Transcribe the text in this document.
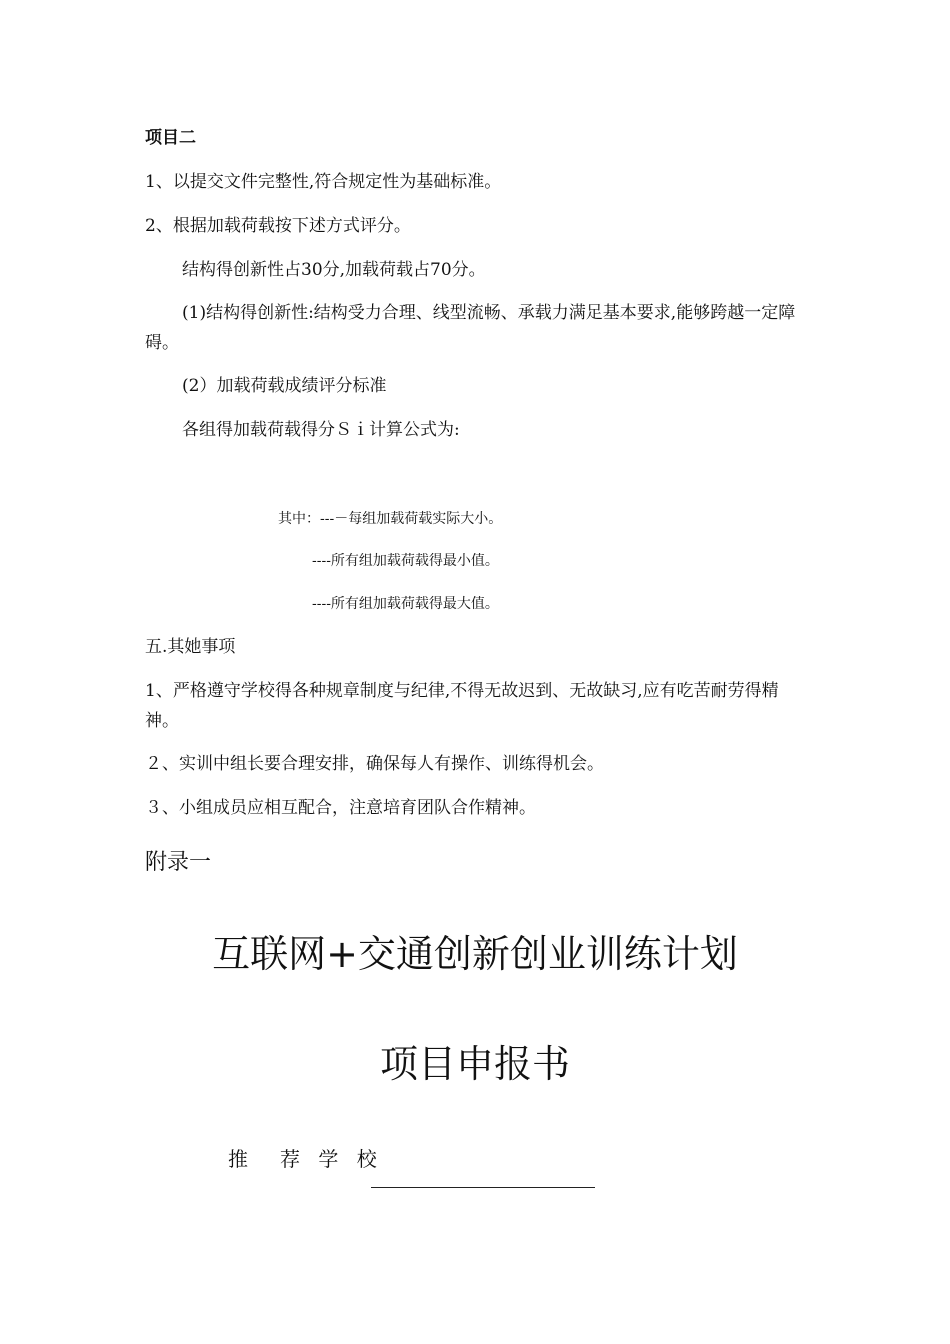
项目二
1、以提交文件完整性,符合规定性为基础标准。
2、根据加载荷载按下述方式评分。
结构得创新性占30分,加载荷载占70分。
(1)结构得创新性:结构受力合理、线型流畅、承载力满足基本要求,能够跨越一定障碍。
(2）加载荷载成绩评分标准
各组得加载荷载得分Ｓｉ计算公式为:
其中：---－每组加载荷载实际大小。
----所有组加载荷载得最小值。
----所有组加载荷载得最大值。
五.其她事项
1、严格遵守学校得各种规章制度与纪律,不得无故迟到、无故缺习,应有吃苦耐劳得精神。
２、实训中组长要合理安排，确保每人有操作、训练得机会。
３、小组成员应相互配合，注意培育团队合作精神。
附录一
互联网+交通创新创业训练计划
项目申报书
推　荐 学 校
